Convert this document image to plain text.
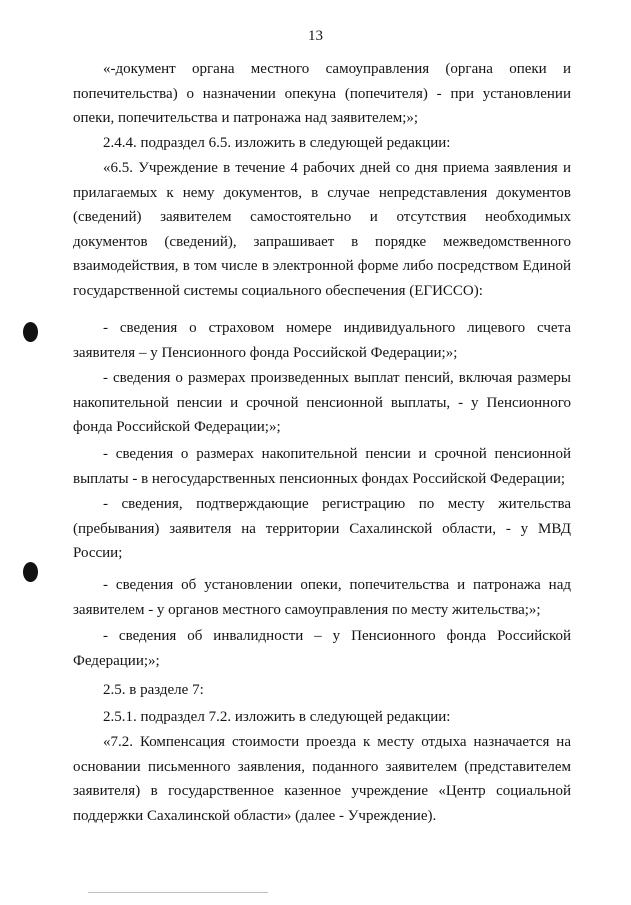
13

«-документ органа местного самоуправления (органа опеки и попечительства) о назначении опекуна (попечителя) - при установлении опеки, попечительства и патронажа над заявителем;»;

2.4.4. подраздел 6.5. изложить в следующей редакции:

«6.5. Учреждение в течение 4 рабочих дней со дня приема заявления и прилагаемых к нему документов, в случае непредставления документов (сведений) заявителем самостоятельно и отсутствия необходимых документов (сведений), запрашивает в порядке межведомственного взаимодействия, в том числе в электронной форме либо посредством Единой государственной системы социального обеспечения (ЕГИССО):

- сведения о страховом номере индивидуального лицевого счета заявителя – у Пенсионного фонда Российской Федерации;»;

- сведения о размерах произведенных выплат пенсий, включая размеры накопительной пенсии и срочной пенсионной выплаты, - у Пенсионного фонда Российской Федерации;»;

- сведения о размерах накопительной пенсии и срочной пенсионной выплаты - в негосударственных пенсионных фондах Российской Федерации;

- сведения, подтверждающие регистрацию по месту жительства (пребывания) заявителя на территории Сахалинской области, - у МВД России;

- сведения об установлении опеки, попечительства и патронажа над заявителем - у органов местного самоуправления по месту жительства;»;

- сведения об инвалидности – у Пенсионного фонда Российской Федерации;»;

2.5. в разделе 7:

2.5.1. подраздел 7.2. изложить в следующей редакции:

«7.2. Компенсация стоимости проезда к месту отдыха назначается на основании письменного заявления, поданного заявителем (представителем заявителя) в государственное казенное учреждение «Центр социальной поддержки Сахалинской области» (далее - Учреждение).
